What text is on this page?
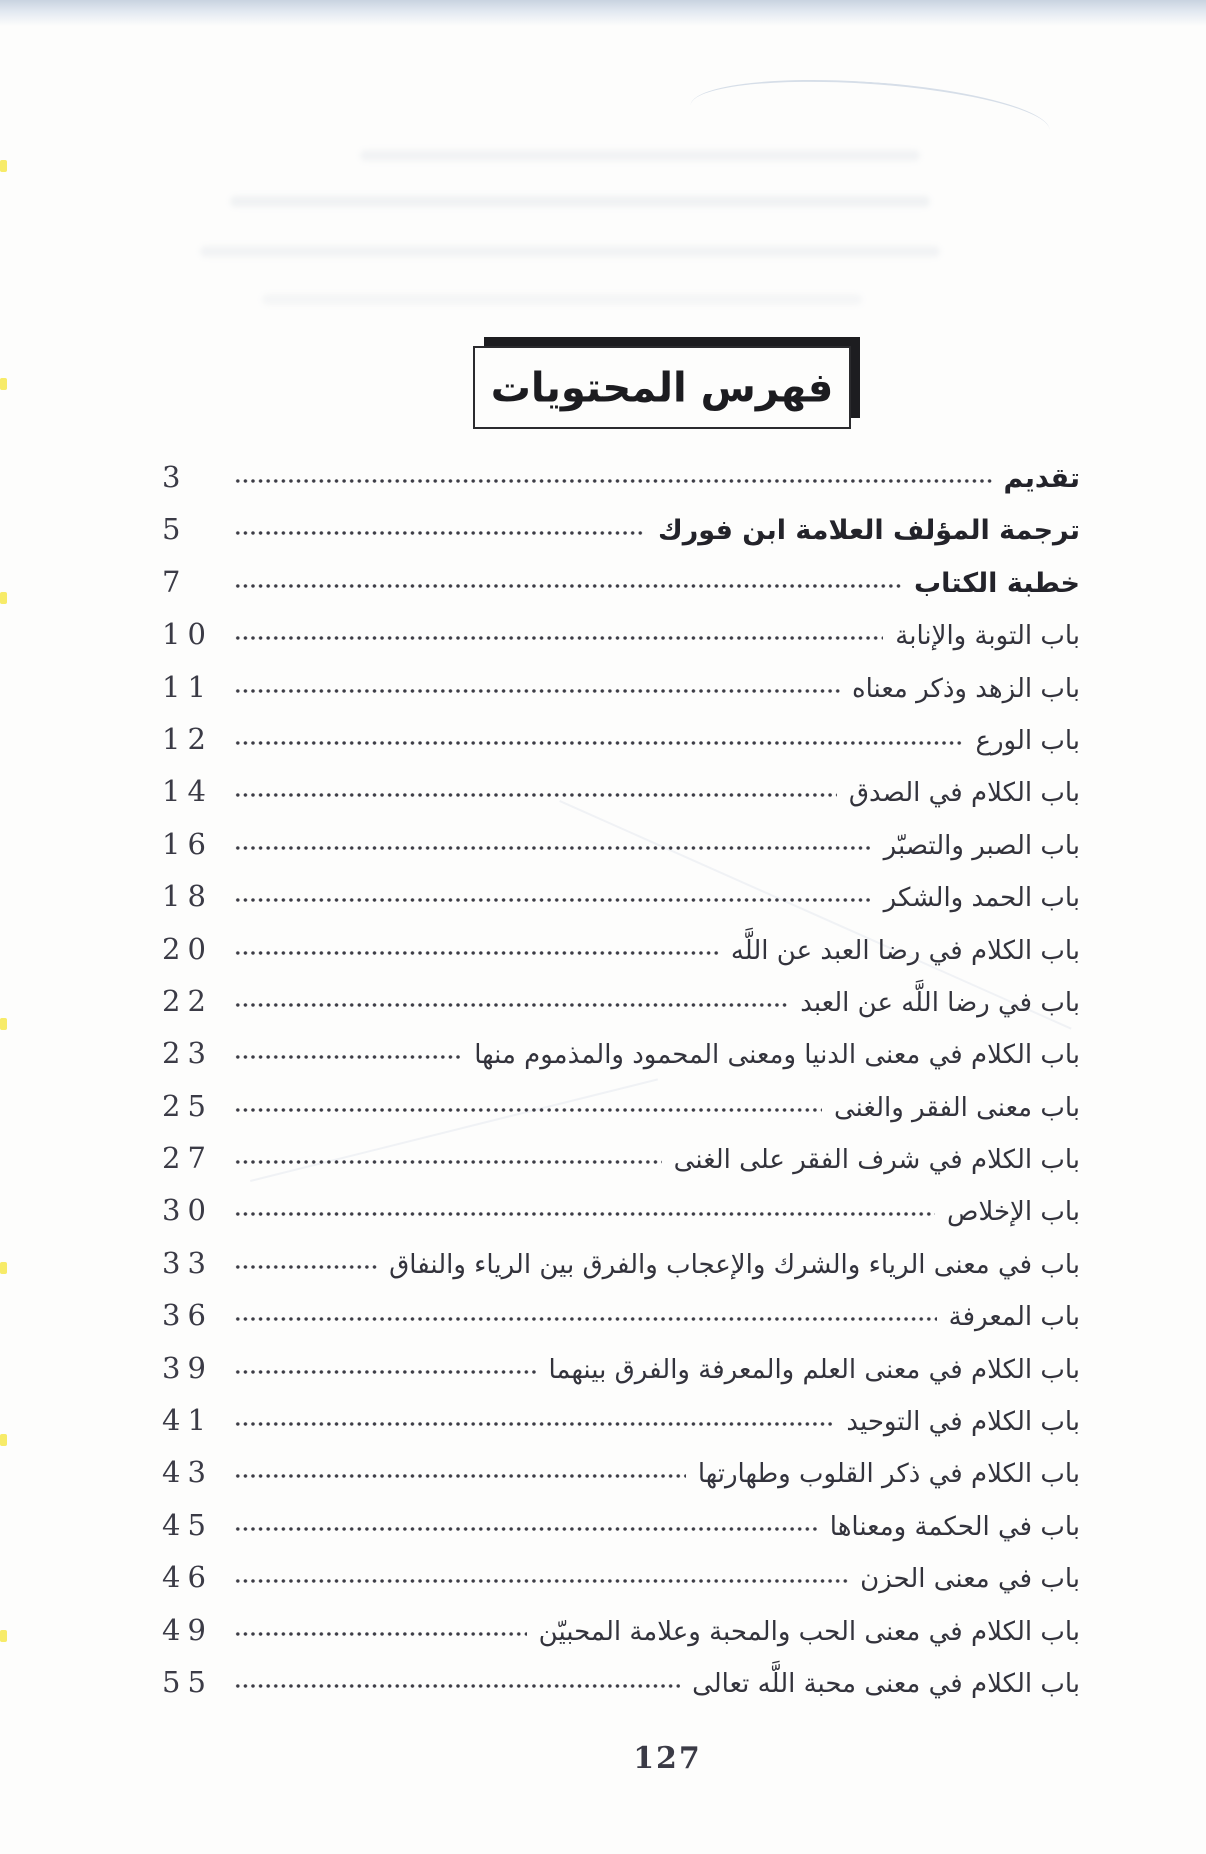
فهرس المحتويات
تقديم
3
ترجمة المؤلف العلامة ابن فورك
5
خطبة الكتاب
7
باب التوبة والإنابة
10
باب الزهد وذكر معناه
11
باب الورع
12
باب الكلام في الصدق
14
باب الصبر والتصبّر
16
باب الحمد والشكر
18
باب الكلام في رضا العبد عن اللَّه
20
باب في رضا اللَّه عن العبد
22
باب الكلام في معنى الدنيا ومعنى المحمود والمذموم منها
23
باب معنى الفقر والغنى
25
باب الكلام في شرف الفقر على الغنى
27
باب الإخلاص
30
باب في معنى الرياء والشرك والإعجاب والفرق بين الرياء والنفاق
33
باب المعرفة
36
باب الكلام في معنى العلم والمعرفة والفرق بينهما
39
باب الكلام في التوحيد
41
باب الكلام في ذكر القلوب وطهارتها
43
باب في الحكمة ومعناها
45
باب في معنى الحزن
46
باب الكلام في معنى الحب والمحبة وعلامة المحبيّن
49
باب الكلام في معنى محبة اللَّه تعالى
55
127
